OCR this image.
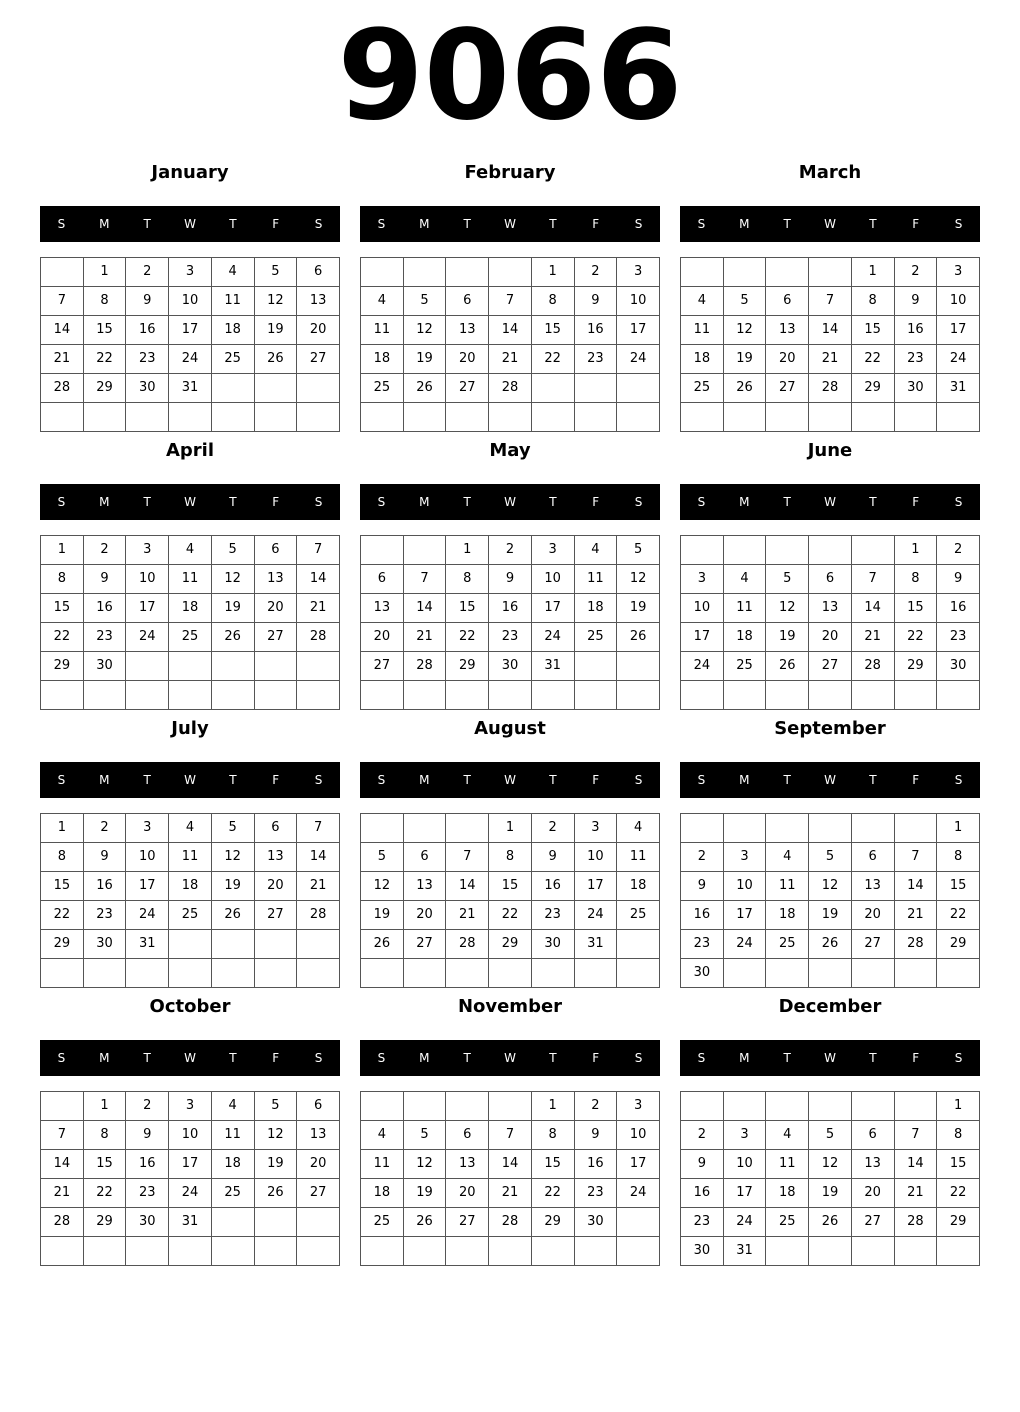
9066
January
S	M	T	W	T	F	S
	1	2	3	4	5	6
7	8	9	10	11	12	13
14	15	16	17	18	19	20
21	22	23	24	25	26	27
28	29	30	31			

February
S	M	T	W	T	F	S
				1	2	3
4	5	6	7	8	9	10
11	12	13	14	15	16	17
18	19	20	21	22	23	24
25	26	27	28			

March
S	M	T	W	T	F	S
				1	2	3
4	5	6	7	8	9	10
11	12	13	14	15	16	17
18	19	20	21	22	23	24
25	26	27	28	29	30	31

April
S	M	T	W	T	F	S
1	2	3	4	5	6	7
8	9	10	11	12	13	14
15	16	17	18	19	20	21
22	23	24	25	26	27	28
29	30					

May
S	M	T	W	T	F	S
		1	2	3	4	5
6	7	8	9	10	11	12
13	14	15	16	17	18	19
20	21	22	23	24	25	26
27	28	29	30	31		

June
S	M	T	W	T	F	S
					1	2
3	4	5	6	7	8	9
10	11	12	13	14	15	16
17	18	19	20	21	22	23
24	25	26	27	28	29	30

July
S	M	T	W	T	F	S
1	2	3	4	5	6	7
8	9	10	11	12	13	14
15	16	17	18	19	20	21
22	23	24	25	26	27	28
29	30	31				

August
S	M	T	W	T	F	S
			1	2	3	4
5	6	7	8	9	10	11
12	13	14	15	16	17	18
19	20	21	22	23	24	25
26	27	28	29	30	31	

September
S	M	T	W	T	F	S
						1
2	3	4	5	6	7	8
9	10	11	12	13	14	15
16	17	18	19	20	21	22
23	24	25	26	27	28	29
30						
October
S	M	T	W	T	F	S
	1	2	3	4	5	6
7	8	9	10	11	12	13
14	15	16	17	18	19	20
21	22	23	24	25	26	27
28	29	30	31			

November
S	M	T	W	T	F	S
				1	2	3
4	5	6	7	8	9	10
11	12	13	14	15	16	17
18	19	20	21	22	23	24
25	26	27	28	29	30	

December
S	M	T	W	T	F	S
						1
2	3	4	5	6	7	8
9	10	11	12	13	14	15
16	17	18	19	20	21	22
23	24	25	26	27	28	29
30	31					
